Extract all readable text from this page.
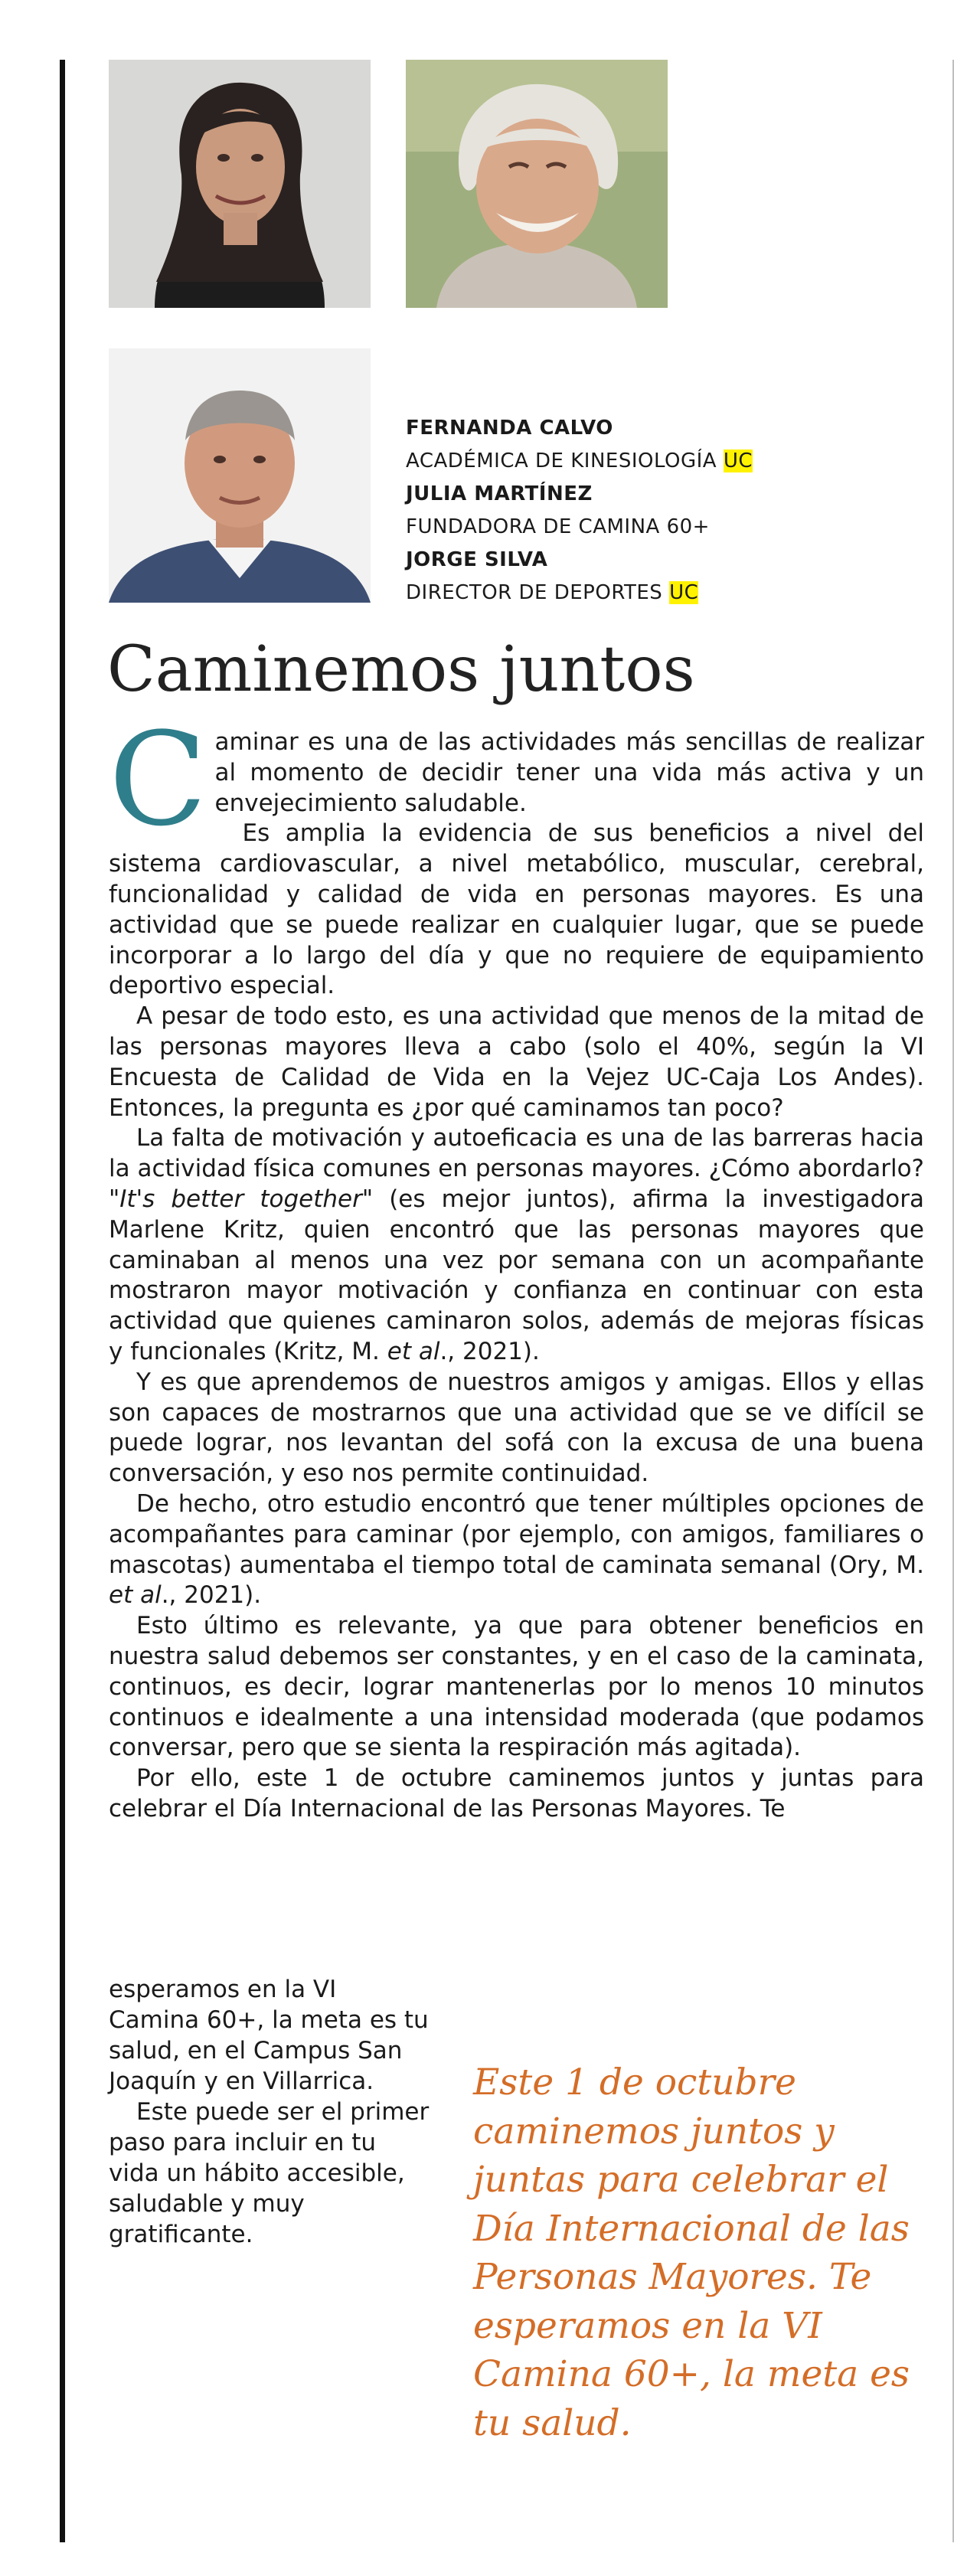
FERNANDA CALVO
ACADÉMICA DE KINESIOLOGÍA UC
JULIA MARTÍNEZ
FUNDADORA DE CAMINA 60+
JORGE SILVA
DIRECTOR DE DEPORTES UC
Caminemos juntos

Caminar es una de las actividades más sencillas de realizar al momento de decidir tener una vida más activa y un envejecimiento saludable.

Es amplia la evidencia de sus beneficios a nivel del sistema cardiovascular, a nivel metabólico, muscular, cerebral, funcionalidad y calidad de vida en personas mayores. Es una actividad que se puede realizar en cualquier lugar, que se puede incorporar a lo largo del día y que no requiere de equipamiento deportivo especial.

A pesar de todo esto, es una actividad que menos de la mitad de las personas mayores lleva a cabo (solo el 40%, según la VI Encuesta de Calidad de Vida en la Vejez UC-Caja Los Andes). Entonces, la pregunta es ¿por qué caminamos tan poco?

La falta de motivación y autoeficacia es una de las barreras hacia la actividad física comunes en personas mayores. ¿Cómo abordarlo? "It's better together" (es mejor juntos), afirma la investigadora Marlene Kritz, quien encontró que las personas mayores que caminaban al menos una vez por semana con un acompañante mostraron mayor motivación y confianza en continuar con esta actividad que quienes caminaron solos, además de mejoras físicas y funcionales (Kritz, M. et al., 2021).

Y es que aprendemos de nuestros amigos y amigas. Ellos y ellas son capaces de mostrarnos que una actividad que se ve difícil se puede lograr, nos levantan del sofá con la excusa de una buena conversación, y eso nos permite continuidad.

De hecho, otro estudio encontró que tener múltiples opciones de acompañantes para caminar (por ejemplo, con amigos, familiares o mascotas) aumentaba el tiempo total de caminata semanal (Ory, M. et al., 2021).

Esto último es relevante, ya que para obtener beneficios en nuestra salud debemos ser constantes, y en el caso de la caminata, continuos, es decir, lograr mantenerlas por lo menos 10 minutos continuos e idealmente a una intensidad moderada (que podamos conversar, pero que se sienta la respiración más agitada).

Por ello, este 1 de octubre caminemos juntos y juntas para celebrar el Día Internacional de las Personas Mayores. Te

esperamos en la VI Camina 60+, la meta es tu salud, en el Campus San Joaquín y en Villarrica.

Este puede ser el primer paso para incluir en tu vida un hábito accesible, saludable y muy gratificante.

Este 1 de octubre caminemos juntos y juntas para celebrar el Día Internacional de las Personas Mayores. Te esperamos en la VI Camina 60+, la meta es tu salud.
